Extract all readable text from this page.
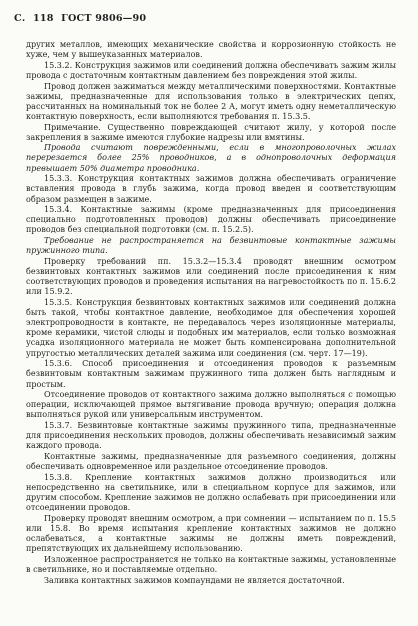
С. 118 ГОСТ 9806—90

других металлов, имеющих механические свойства и коррозионную стойкость не хуже, чем у вышеуказанных материалов.

15.3.2. Конструкция зажимов или соединений должна обеспечивать зажим жилы провода с достаточным контактным давлением без повреждения этой жилы.

Провод должен зажиматься между металлическими поверхностями. Контактные зажимы, предназначенные для использования только в электрических цепях, рассчитанных на номинальный ток не более 2 А, могут иметь одну неметаллическую контактную поверхность, если выполняются требования п. 15.3.5.

Примечание. Существенно повреждающей считают жилу, у которой после закрепления в зажиме имеются глубокие надрезы или вмятины.

Провода считают поврежденными, если в многопроволочных жилах перерезается более 25% проводников, а в однопроволочных деформация превышает 50% диаметра проводника.

15.3.3. Конструкция контактных зажимов должна обеспечивать ограничение вставления провода в глубь зажима, когда провод введен и соответствующим образом размещен в зажиме.

15.3.4. Контактные зажимы (кроме предназначенных для присоединения специально подготовленных проводов) должны обеспечивать присоединение проводов без специальной подготовки (см. п. 15.2.5).

Требование не распространяется на безвинтовые контактные зажимы пружинного типа.

Проверку требований пп. 15.3.2—15.3.4 проводят внешним осмотром безвинтовых контактных зажимов или соединений после присоединения к ним соответствующих проводов и проведения испытания на нагревостойкость по п. 15.6.2 или 15.9.2.

15.3.5. Конструкция безвинтовых контактных зажимов или соединений должна быть такой, чтобы контактное давление, необходимое для обеспечения хорошей электропроводности в контакте, не передавалось через изоляционные материалы, кроме керамики, чистой слюды и подобных им материалов, если только возможная усадка изоляционного материала не может быть компенсирована дополнительной упругостью металлических деталей зажима или соединения (см. черт. 17—19).

15.3.6. Способ присоединения и отсоединения проводов к разъемным безвинтовым контактным зажимам пружинного типа должен быть наглядным и простым.

Отсоединение проводов от контактного зажима должно выполняться с помощью операции, исключающей прямое вытягивание провода вручную; операция должна выполняться рукой или универсальным инструментом.

15.3.7. Безвинтовые контактные зажимы пружинного типа, предназначенные для присоединения нескольких проводов, должны обеспечивать независимый зажим каждого провода.

Контактные зажимы, предназначенные для разъемного соединения, должны обеспечивать одновременное или раздельное отсоединение проводов.

15.3.8. Крепление контактных зажимов должно производиться или непосредственно на светильнике, или в специальном корпусе для зажимов, или другим способом. Крепление зажимов не должно ослабевать при присоединении или отсоединении проводов.

Проверку проводят внешним осмотром, а при сомнении — испытанием по п. 15.5 или 15.8. Во время испытания крепление контактных зажимов не должно ослабеваться, а контактные зажимы не должны иметь повреждений, препятствующих их дальнейшему использованию.

Изложенное распространяется не только на контактные зажимы, установленные в светильнике, но и поставляемые отдельно.

Заливка контактных зажимов компаундами не является достаточной.
